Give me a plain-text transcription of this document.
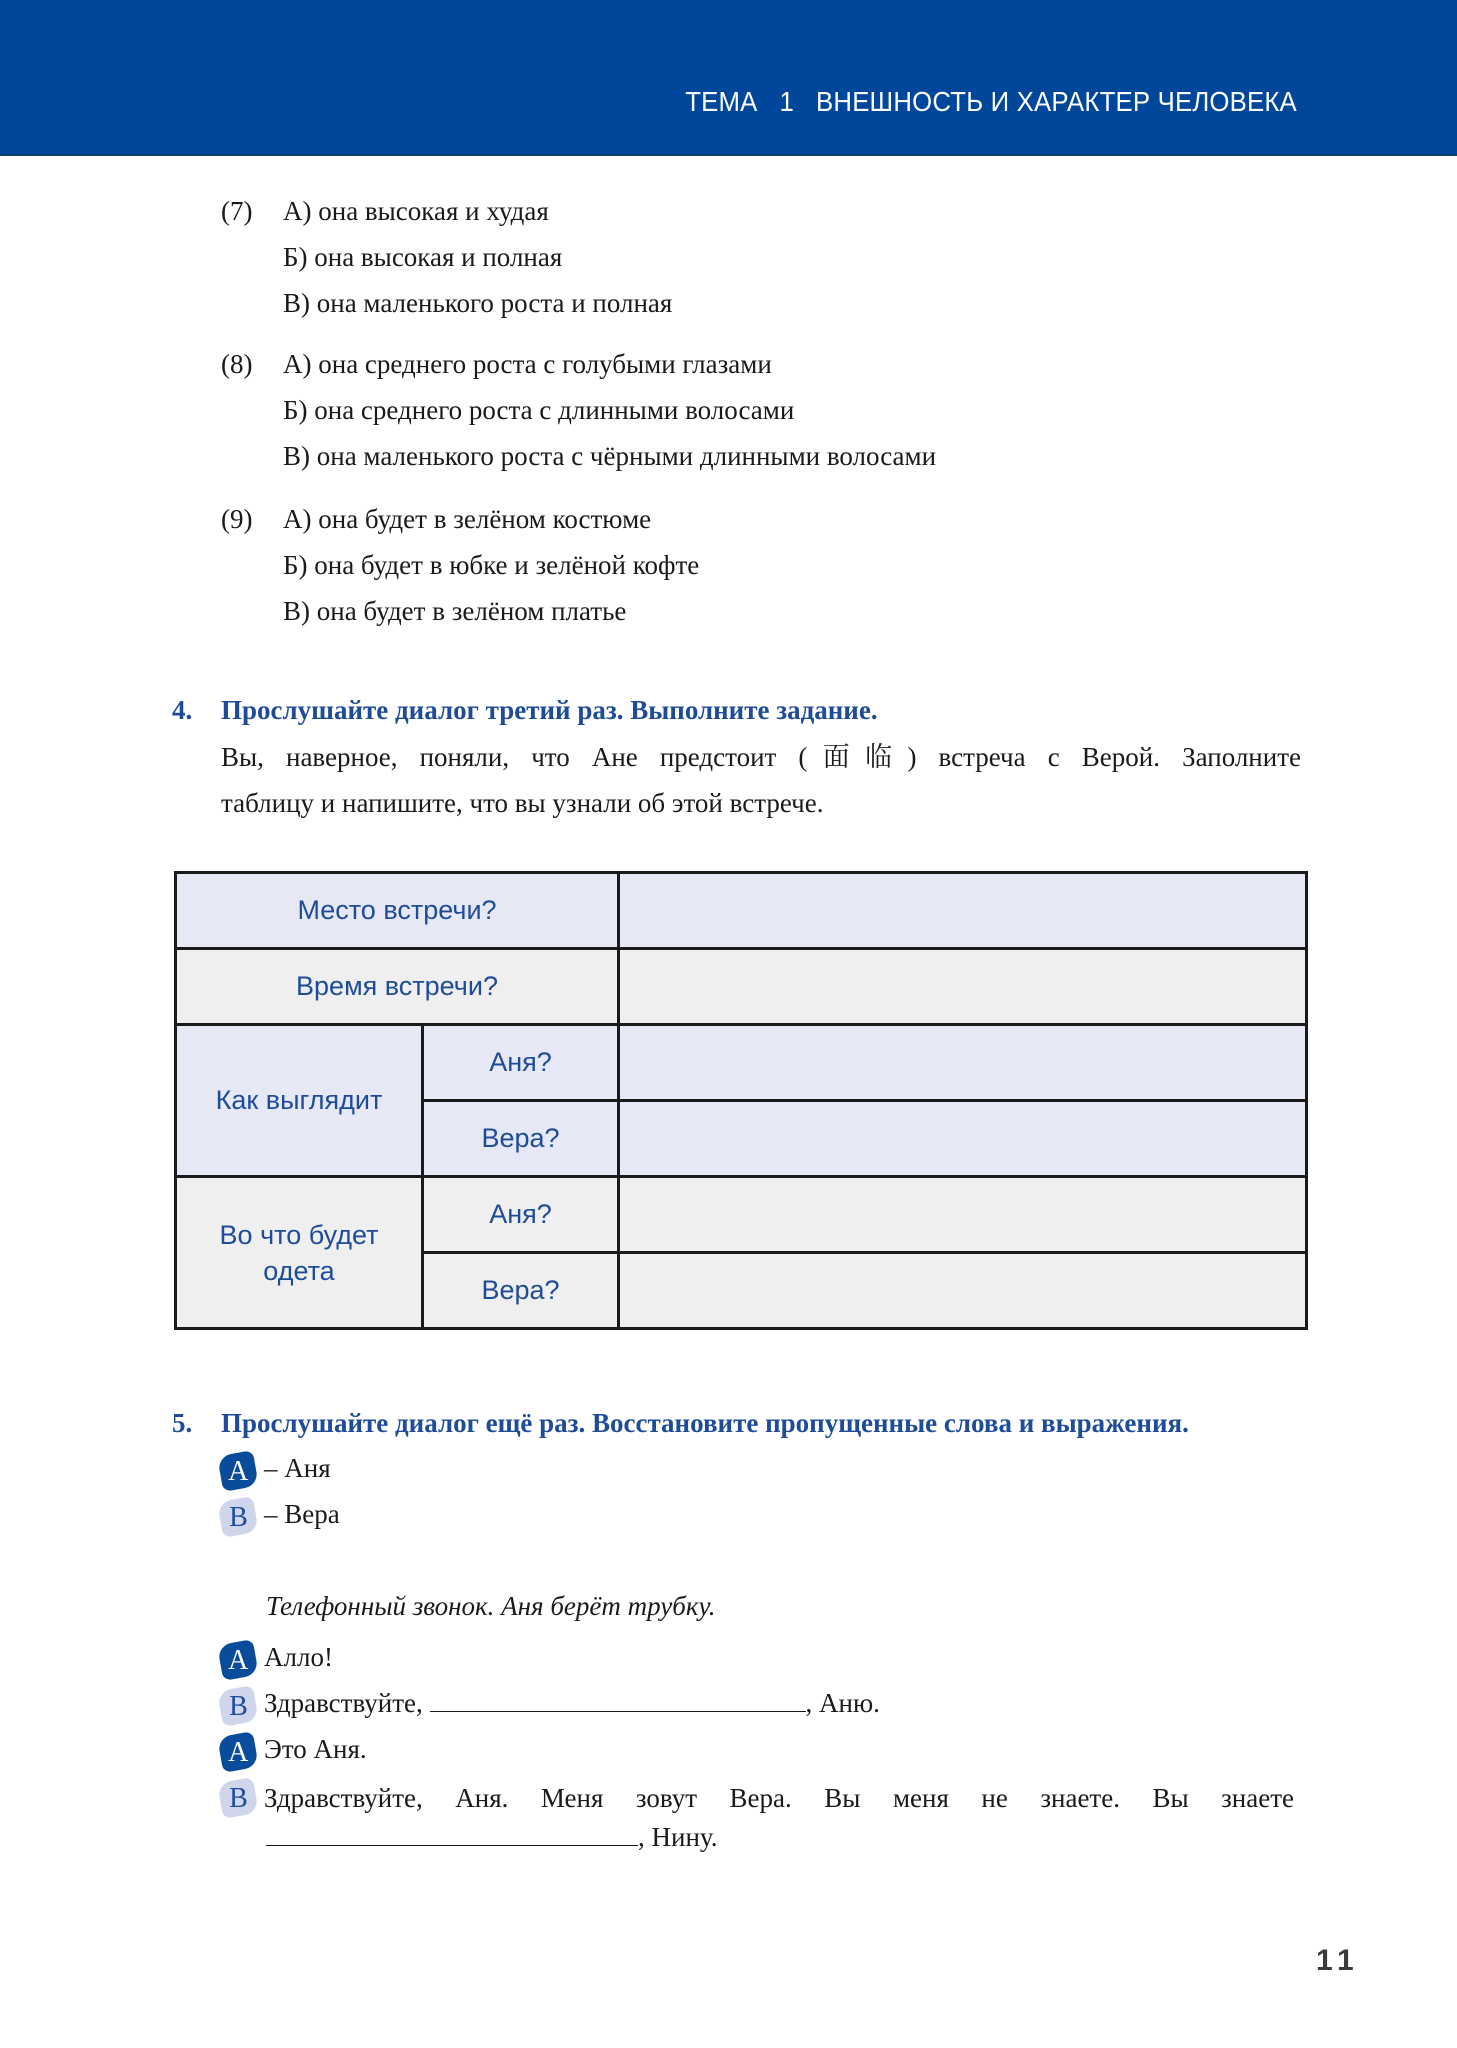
ТЕМА   1   ВНЕШНОСТЬ И ХАРАКТЕР ЧЕЛОВЕКА
(7) А) она высокая и худая
Б) она высокая и полная
В) она маленького роста и полная
(8) А) она среднего роста с голубыми глазами
Б) она среднего роста с длинными волосами
В) она маленького роста с чёрными длинными волосами
(9) А) она будет в зелёном костюме
Б) она будет в юбке и зелёной кофте
В) она будет в зелёном платье
4. Прослушайте диалог третий раз. Выполните задание.
Вы, наверное, поняли, что Ане предстоит (面临) встреча с Верой. Заполните
таблицу и напишите, что вы узнали об этой встрече.
Место встречи?		
Время встречи?		
Как выглядит	Аня?	
	Вера?	
Во что будет одета	Аня?	
	Вера?	
5. Прослушайте диалог ещё раз. Восстановите пропущенные слова и выражения.
А – Аня
В – Вера
Телефонный звонок. Аня берёт трубку.
А Алло!
В Здравствуйте,	, Аню.
А Это Аня.
В Здравствуйте, Аня. Меня зовут Вера. Вы меня не знаете. Вы знаете
, Нину.
11
